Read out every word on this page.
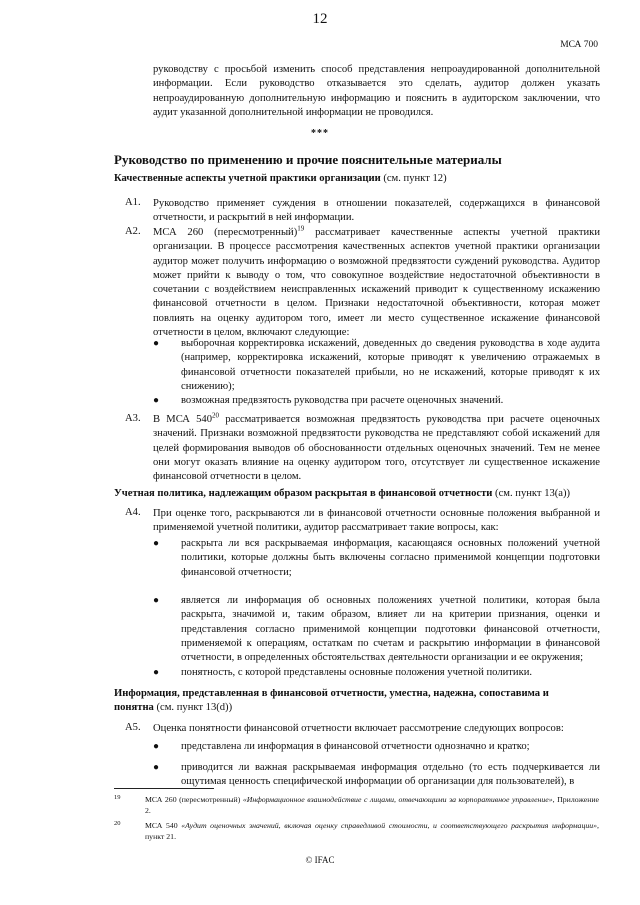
12
МСА 700
руководству с просьбой изменить способ представления непроаудированной дополнительной информации. Если руководство отказывается это сделать, аудитор должен указать непроаудированную дополнительную информацию и пояснить в аудиторском заключении, что аудит указанной дополнительной информации не проводился.
***
Руководство по применению и прочие пояснительные материалы
Качественные аспекты учетной практики организации (см. пункт 12)
A1. Руководство применяет суждения в отношении показателей, содержащихся в финансовой отчетности, и раскрытий в ней информации.
A2. МСА 260 (пересмотренный)$^{19}$ рассматривает качественные аспекты учетной практики организации. В процессе рассмотрения качественных аспектов учетной практики организации аудитор может получить информацию о возможной предвзятости суждений руководства. Аудитор может прийти к выводу о том, что совокупное воздействие недостаточной объективности в сочетании с воздействием неисправленных искажений приводит к существенному искажению финансовой отчетности в целом. Признаки недостаточной объективности, которая может повлиять на оценку аудитором того, имеет ли место существенное искажение финансовой отчетности в целом, включают следующие:
● выборочная корректировка искажений, доведенных до сведения руководства в ходе аудита (например, корректировка искажений, которые приводят к увеличению отражаемых в финансовой отчетности показателей прибыли, но не искажений, которые приводят к их снижению);
● возможная предвзятость руководства при расчете оценочных значений.
A3. В МСА $540^{20}$ рассматривается возможная предвзятость руководства при расчете оценочных значений. Признаки возможной предвзятости руководства не представляют собой искажений для целей формирования выводов об обоснованности отдельных оценочных значений. Тем не менее они могут оказать влияние на оценку аудитором того, отсутствует ли существенное искажение финансовой отчетности в целом.
Учетная политика, надлежащим образом раскрытая в финансовой отчетности (см. пункт 13(a))
A4. При оценке того, раскрываются ли в финансовой отчетности основные положения выбранной и применяемой учетной политики, аудитор рассматривает такие вопросы, как:
● раскрыта ли вся раскрываемая информация, касающаяся основных положений учетной политики, которые должны быть включены согласно применимой концепции подготовки финансовой отчетности;
● является ли информация об основных положениях учетной политики, которая была раскрыта, значимой и, таким образом, влияет ли на критерии признания, оценки и представления согласно применимой концепции подготовки финансовой отчетности, применяемой к операциям, остаткам по счетам и раскрытию информации в финансовой отчетности, в определенных обстоятельствах деятельности организации и ее окружения;
● понятность, с которой представлены основные положения учетной политики.
Информация, представленная в финансовой отчетности, уместна, надежна, сопоставима и понятна (см. пункт 13(d))
A5. Оценка понятности финансовой отчетности включает рассмотрение следующих вопросов:
● представлена ли информация в финансовой отчетности однозначно и кратко;
● приводится ли важная раскрываемая информация отдельно (то есть подчеркивается ли ощутимая ценность специфической информации об организации для пользователей), в
19	МСА 260 (пересмотренный) «Информационное взаимодействие с лицами, отвечающими за корпоративное управление», Приложение 2.
20	МСА 540 «Аудит оценочных значений, включая оценку справедливой стоимости, и соответствующего раскрытия информации», пункт 21.
© IFAC
